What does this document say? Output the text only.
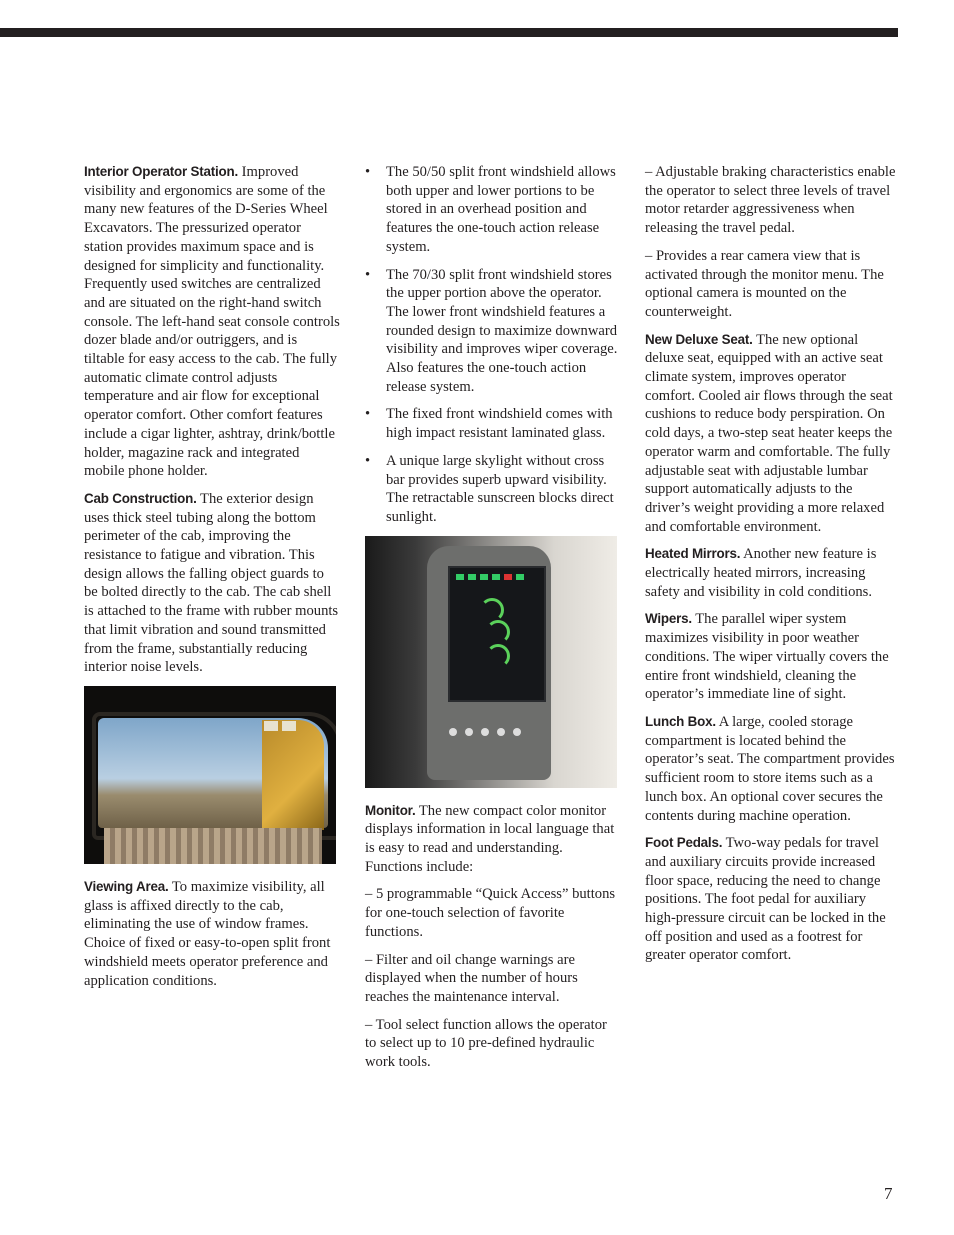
Interior Operator Station. Improved visibility and ergonomics are some of the many new features of the D-Series Wheel Excavators. The pressurized operator station provides maximum space and is designed for simplicity and functionality. Frequently used switches are centralized and are situated on the right-hand switch console. The left-hand seat console controls dozer blade and/or outriggers, and is tiltable for easy access to the cab. The fully automatic climate control adjusts temperature and air flow for exceptional operator comfort. Other comfort features include a cigar lighter, ashtray, drink/bottle holder, magazine rack and integrated mobile phone holder.

Cab Construction. The exterior design uses thick steel tubing along the bottom perimeter of the cab, improving the resistance to fatigue and vibration. This design allows the falling object guards to be bolted directly to the cab. The cab shell is attached to the frame with rubber mounts that limit vibration and sound transmitted from the frame, substantially reducing interior noise levels.

Viewing Area. To maximize visibility, all glass is affixed directly to the cab, eliminating the use of window frames. Choice of fixed or easy-to-open split front windshield meets operator preference and application conditions.

• The 50/50 split front windshield allows both upper and lower portions to be stored in an overhead position and features the one-touch action release system.
• The 70/30 split front windshield stores the upper portion above the operator. The lower front windshield features a rounded design to maximize downward visibility and improves wiper coverage. Also features the one-touch action release system.
• The fixed front windshield comes with high impact resistant laminated glass.
• A unique large skylight without cross bar provides superb upward visibility. The retractable sunscreen blocks direct sunlight.

Monitor. The new compact color monitor displays information in local language that is easy to read and understanding. Functions include:

– 5 programmable “Quick Access” buttons for one-touch selection of favorite functions.

– Filter and oil change warnings are displayed when the number of hours reaches the maintenance interval.

– Tool select function allows the operator to select up to 10 pre-defined hydraulic work tools.

– Adjustable braking characteristics enable the operator to select three levels of travel motor retarder aggressiveness when releasing the travel pedal.

– Provides a rear camera view that is activated through the monitor menu. The optional camera is mounted on the counterweight.

New Deluxe Seat. The new optional deluxe seat, equipped with an active seat climate system, improves operator comfort. Cooled air flows through the seat cushions to reduce body perspiration. On cold days, a two-step seat heater keeps the operator warm and comfortable. The fully adjustable seat with adjustable lumbar support automatically adjusts to the driver’s weight providing a more relaxed and comfortable environment.

Heated Mirrors. Another new feature is electrically heated mirrors, increasing safety and visibility in cold conditions.

Wipers. The parallel wiper system maximizes visibility in poor weather conditions. The wiper virtually covers the entire front windshield, cleaning the operator’s immediate line of sight.

Lunch Box. A large, cooled storage compartment is located behind the operator’s seat. The compartment provides sufficient room to store items such as a lunch box. An optional cover secures the contents during machine operation.

Foot Pedals. Two-way pedals for travel and auxiliary circuits provide increased floor space, reducing the need to change positions. The foot pedal for auxiliary high-pressure circuit can be locked in the off position and used as a footrest for greater operator comfort.

7
